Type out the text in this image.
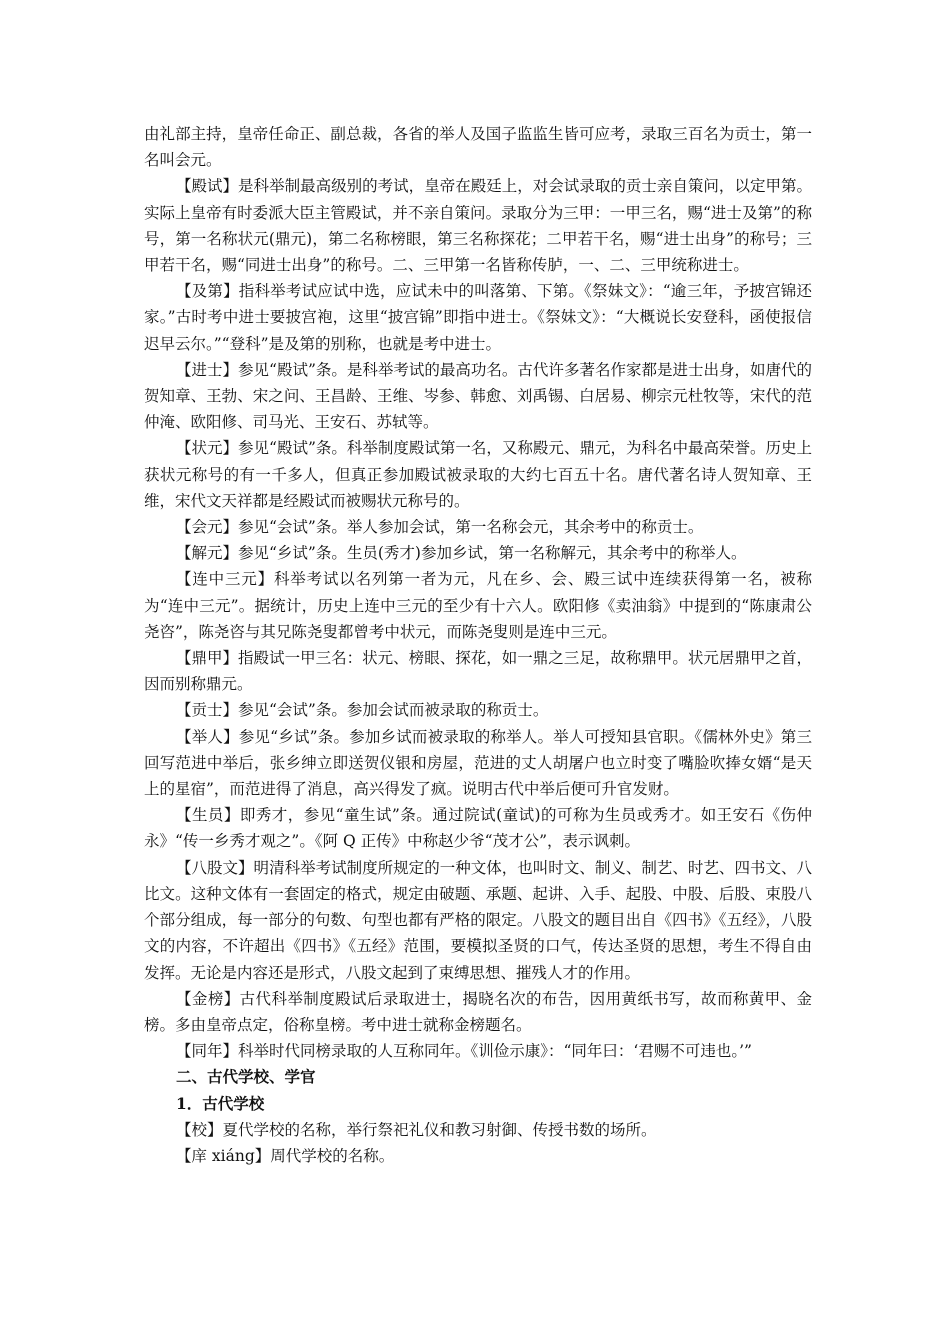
由礼部主持，皇帝任命正、副总裁，各省的举人及国子监监生皆可应考，录取三百名为贡士，第一名叫会元。

【殿试】是科举制最高级别的考试，皇帝在殿廷上，对会试录取的贡士亲自策问，以定甲第。实际上皇帝有时委派大臣主管殿试，并不亲自策问。录取分为三甲：一甲三名，赐“进士及第”的称号，第一名称状元(鼎元)，第二名称榜眼，第三名称探花；二甲若干名，赐“进士出身”的称号；三甲若干名，赐“同进士出身”的称号。二、三甲第一名皆称传胪，一、二、三甲统称进士。

【及第】指科举考试应试中选，应试未中的叫落第、下第。《祭妹文》：“逾三年，予披宫锦还家。”古时考中进士要披宫袍，这里“披宫锦”即指中进士。《祭妹文》：“大概说长安登科，函使报信迟早云尔。”“登科”是及第的别称，也就是考中进士。

【进士】参见“殿试”条。是科举考试的最高功名。古代许多著名作家都是进士出身，如唐代的贺知章、王勃、宋之问、王昌龄、王维、岑参、韩愈、刘禹锡、白居易、柳宗元杜牧等，宋代的范仲淹、欧阳修、司马光、王安石、苏轼等。

【状元】参见“殿试”条。科举制度殿试第一名，又称殿元、鼎元，为科名中最高荣誉。历史上获状元称号的有一千多人，但真正参加殿试被录取的大约七百五十名。唐代著名诗人贺知章、王维，宋代文天祥都是经殿试而被赐状元称号的。

【会元】参见“会试”条。举人参加会试，第一名称会元，其余考中的称贡士。

【解元】参见“乡试”条。生员(秀才)参加乡试，第一名称解元，其余考中的称举人。

【连中三元】科举考试以名列第一者为元，凡在乡、会、殿三试中连续获得第一名，被称为“连中三元”。据统计，历史上连中三元的至少有十六人。欧阳修《卖油翁》中提到的“陈康肃公尧咨”，陈尧咨与其兄陈尧叟都曾考中状元，而陈尧叟则是连中三元。

【鼎甲】指殿试一甲三名：状元、榜眼、探花，如一鼎之三足，故称鼎甲。状元居鼎甲之首，因而别称鼎元。

【贡士】参见“会试”条。参加会试而被录取的称贡士。

【举人】参见“乡试”条。参加乡试而被录取的称举人。举人可授知县官职。《儒林外史》第三回写范进中举后，张乡绅立即送贺仪银和房屋，范进的丈人胡屠户也立时变了嘴脸吹捧女婿“是天上的星宿”，而范进得了消息，高兴得发了疯。说明古代中举后便可升官发财。

【生员】即秀才，参见“童生试”条。通过院试(童试)的可称为生员或秀才。如王安石《伤仲永》“传一乡秀才观之”。《阿 Q 正传》中称赵少爷“茂才公”，表示讽刺。

【八股文】明清科举考试制度所规定的一种文体，也叫时文、制义、制艺、时艺、四书文、八比文。这种文体有一套固定的格式，规定由破题、承题、起讲、入手、起股、中股、后股、束股八个部分组成，每一部分的句数、句型也都有严格的限定。八股文的题目出自《四书》《五经》，八股文的内容，不许超出《四书》《五经》范围，要模拟圣贤的口气，传达圣贤的思想，考生不得自由发挥。无论是内容还是形式，八股文起到了束缚思想、摧残人才的作用。

【金榜】古代科举制度殿试后录取进士，揭晓名次的布告，因用黄纸书写，故而称黄甲、金榜。多由皇帝点定，俗称皇榜。考中进士就称金榜题名。

【同年】科举时代同榜录取的人互称同年。《训俭示康》：“同年曰：‘君赐不可违也。’”

二、古代学校、学官
1．古代学校

【校】夏代学校的名称，举行祭祀礼仪和教习射御、传授书数的场所。

【庠 xiáng】周代学校的名称。
